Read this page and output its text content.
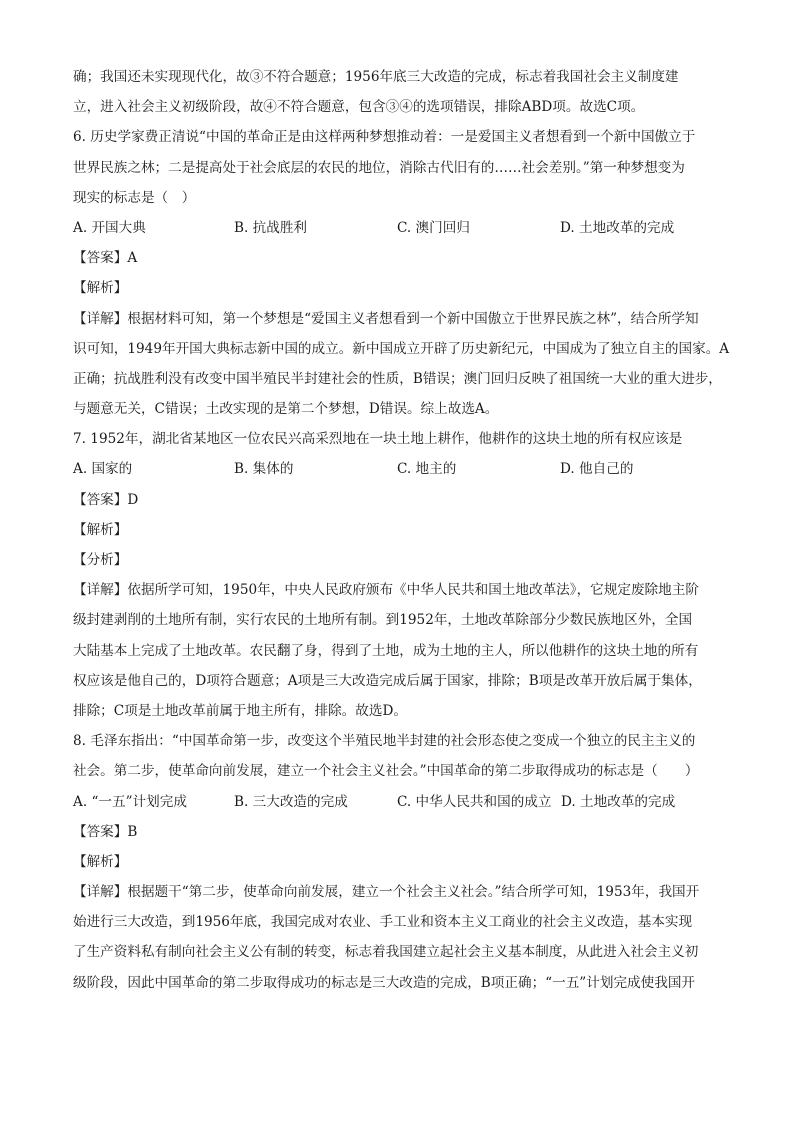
确；我国还未实现现代化，故③不符合题意；1956年底三大改造的完成，标志着我国社会主义制度建
立，进入社会主义初级阶段，故④不符合题意，包含③④的选项错误，排除ABD项。故选C项。
6. 历史学家费正清说“中国的革命正是由这样两种梦想推动着：一是爱国主义者想看到一个新中国傲立于
世界民族之林；二是提高处于社会底层的农民的地位，消除古代旧有的……社会差别。”第一种梦想变为
现实的标志是（　）
A. 开国大典	B. 抗战胜利	C. 澳门回归	D. 土地改革的完成
【答案】A
【解析】
【详解】根据材料可知，第一个梦想是“爱国主义者想看到一个新中国傲立于世界民族之林”，结合所学知
识可知，1949年开国大典标志新中国的成立。新中国成立开辟了历史新纪元，中国成为了独立自主的国家。A
正确；抗战胜利没有改变中国半殖民半封建社会的性质，B错误；澳门回归反映了祖国统一大业的重大进步，
与题意无关，C错误；土改实现的是第二个梦想，D错误。综上故选A。
7. 1952年，湖北省某地区一位农民兴高采烈地在一块土地上耕作，他耕作的这块土地的所有权应该是
A. 国家的	B. 集体的	C. 地主的	D. 他自己的
【答案】D
【解析】
【分析】
【详解】依据所学可知，1950年，中央人民政府颁布《中华人民共和国土地改革法》，它规定废除地主阶
级封建剥削的土地所有制，实行农民的土地所有制。到1952年，土地改革除部分少数民族地区外，全国
大陆基本上完成了土地改革。农民翻了身，得到了土地，成为土地的主人，所以他耕作的这块土地的所有
权应该是他自己的，D项符合题意；A项是三大改造完成后属于国家，排除；B项是改革开放后属于集体，
排除；C项是土地改革前属于地主所有，排除。故选D。
8. 毛泽东指出：“中国革命第一步，改变这个半殖民地半封建的社会形态使之变成一个独立的民主主义的
社会。第二步，使革命向前发展，建立一个社会主义社会。”中国革命的第二步取得成功的标志是（　　）
A. “一五”计划完成	B. 三大改造的完成	C. 中华人民共和国的成立 D. 土地改革的完成
【答案】B
【解析】
【详解】根据题干“第二步，使革命向前发展，建立一个社会主义社会。”结合所学可知，1953年，我国开
始进行三大改造，到1956年底，我国完成对农业、手工业和资本主义工商业的社会主义改造，基本实现
了生产资料私有制向社会主义公有制的转变，标志着我国建立起社会主义基本制度，从此进入社会主义初
级阶段，因此中国革命的第二步取得成功的标志是三大改造的完成，B项正确；“一五”计划完成使我国开
